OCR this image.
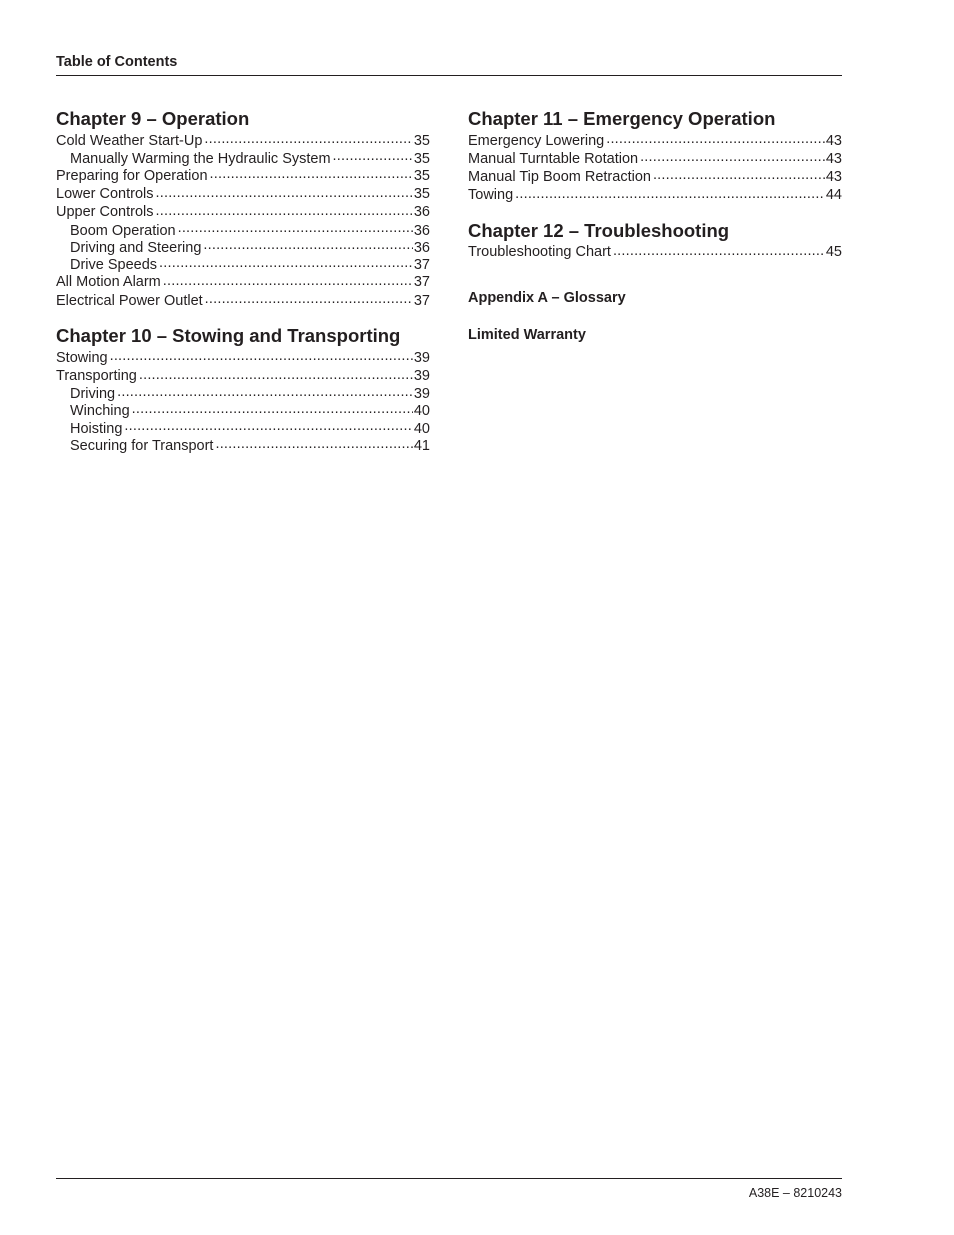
Table of Contents
Chapter 9 – Operation
Cold Weather Start-Up .....	35
Manually Warming the Hydraulic System .....	35
Preparing for Operation .....	35
Lower Controls .....	35
Upper Controls .....	36
Boom Operation .....	36
Driving and Steering .....	36
Drive Speeds .....	37
All Motion Alarm .....	37
Electrical Power Outlet .....	37
Chapter 10 – Stowing and Transporting
Stowing .....	39
Transporting .....	39
Driving .....	39
Winching .....	40
Hoisting .....	40
Securing for Transport .....	41
Chapter 11 – Emergency Operation
Emergency Lowering .....	43
Manual Turntable Rotation .....	43
Manual Tip Boom Retraction .....	43
Towing .....	44
Chapter 12 – Troubleshooting
Troubleshooting Chart .....	45
Appendix A – Glossary
Limited Warranty
A38E – 8210243
